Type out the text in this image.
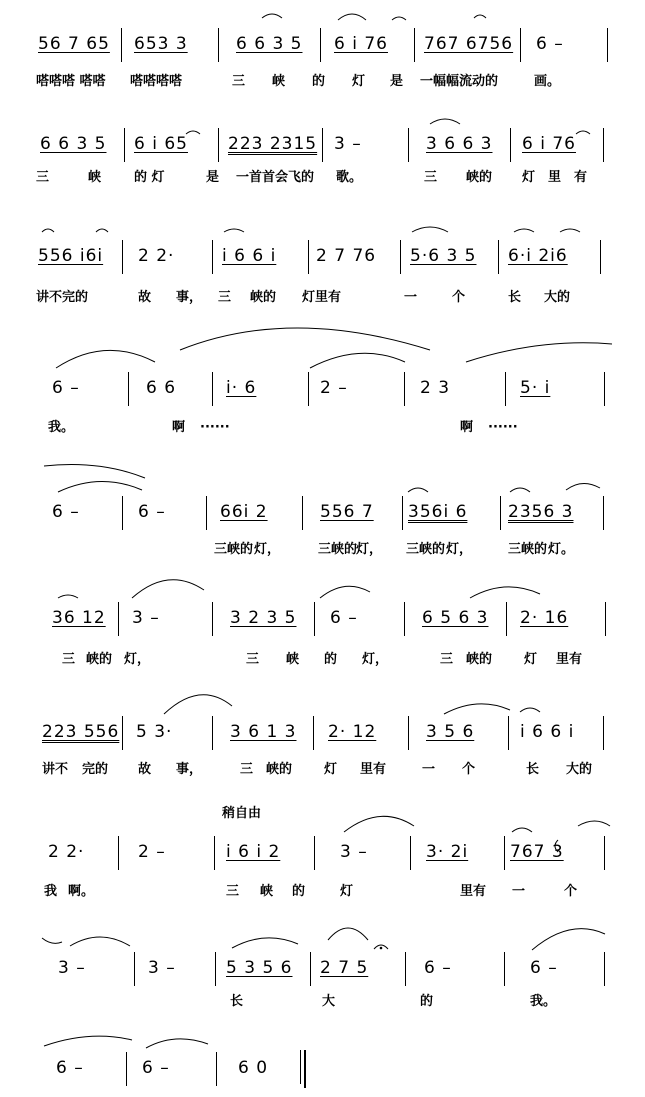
56 7 65 653 3	6 6 3 5 6 i 76 767 6756 6 –
嗒嗒嗒 嗒嗒 嗒嗒嗒嗒	三 峡 的 灯 是 一幅幅流动的	画。
6 6 3 5 6 i 65 223 2315 3 –	3 6 6 3 6 i 76
三	峡	的 灯	是 一首首会飞的 歌。	三 峡的 灯 里 有
556 i6i 2 2·	i 6 6 i 2 7 76 5·6 3 5 6·i 2i6
讲不完的	故 事， 三 峡的 灯里有	一	个	长 大的
6 –	6 6	i· 6	2 –	2 3	5· i
我。	啊 ······	啊 ······
6 –	6 –	66i 2	556 7 356i 6 2356 3
三峡的 灯，	三峡的
灯， 三峡的 灯，	三峡的 灯。
36 12 3 –	3 2 3 5 6 –	6 5 6 3 2· 16
三 峡的 灯，	三 峡 的 灯，	三 峡的 灯 里有
223 556 5 3·	3 6 1 3 2· 12	3 5 6	i 6 6 i
讲不 完的 故 事，	三 峡的 灯 里有	一 个	长 大的
稍自由
2 2·	2 –	i 6 i 2	3 –	3· 2i 767 3
我 啊。	三 峡 的	灯	里有 一	个
3 –	3 –	5 3 5 6 2 7 5	6 –	6 –
长	大	的	我。
6 –	6 –	6 0
